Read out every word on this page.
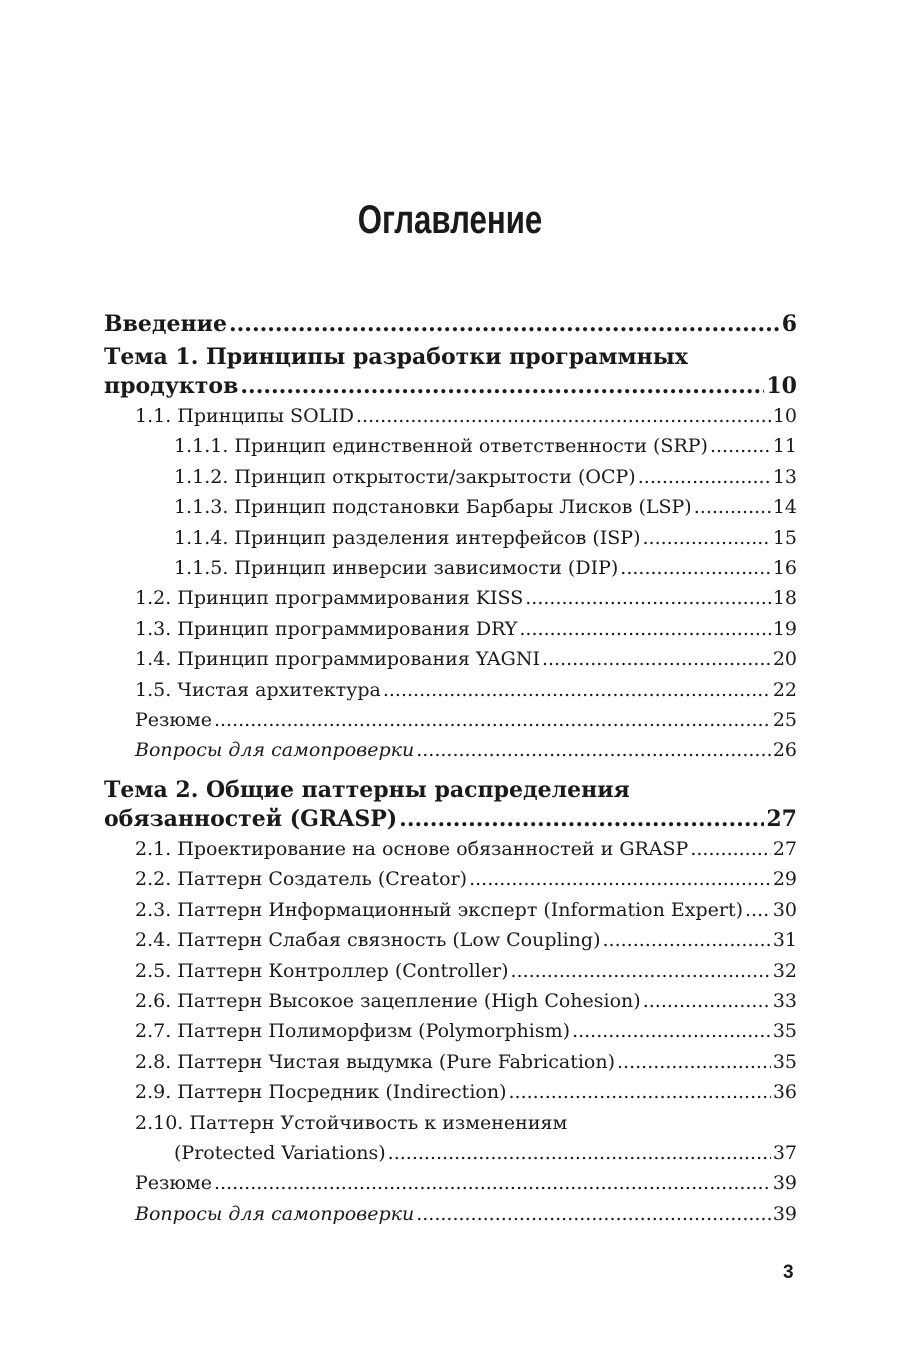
Оглавление
Введение .....	6
Тема 1. Принципы разработки программных
продуктов .....	10
1.1. Принципы SOLID .....	10
1.1.1. Принцип единственной ответственности (SRP) .....	11
1.1.2. Принцип открытости/закрытости (OCP) .....	13
1.1.3. Принцип подстановки Барбары Лисков (LSP) .....	14
1.1.4. Принцип разделения интерфейсов (ISP) .....	15
1.1.5. Принцип инверсии зависимости (DIP) .....	16
1.2. Принцип программирования KISS .....	18
1.3. Принцип программирования DRY .....	19
1.4. Принцип программирования YAGNI .....	20
1.5. Чистая архитектура .....	22
Резюме .....	25
Вопросы для самопроверки .....	26
Тема 2. Общие паттерны распределения
обязанностей (GRASP) .....	27
2.1. Проектирование на основе обязанностей и GRASP .....	27
2.2. Паттерн Создатель (Creator) .....	29
2.3. Паттерн Информационный эксперт (Information Expert) ..... 30
2.4. Паттерн Слабая связность (Low Coupling) .....	31
2.5. Паттерн Контроллер (Controller) .....	32
2.6. Паттерн Высокое зацепление (High Cohesion) .....	33
2.7. Паттерн Полиморфизм (Polymorphism) .....	35
2.8. Паттерн Чистая выдумка (Pure Fabrication) .....	35
2.9. Паттерн Посредник (Indirection) .....	36
2.10. Паттерн Устойчивость к изменениям
(Protected Variations) .....	37
Резюме .....	39
Вопросы для самопроверки .....	39
3
